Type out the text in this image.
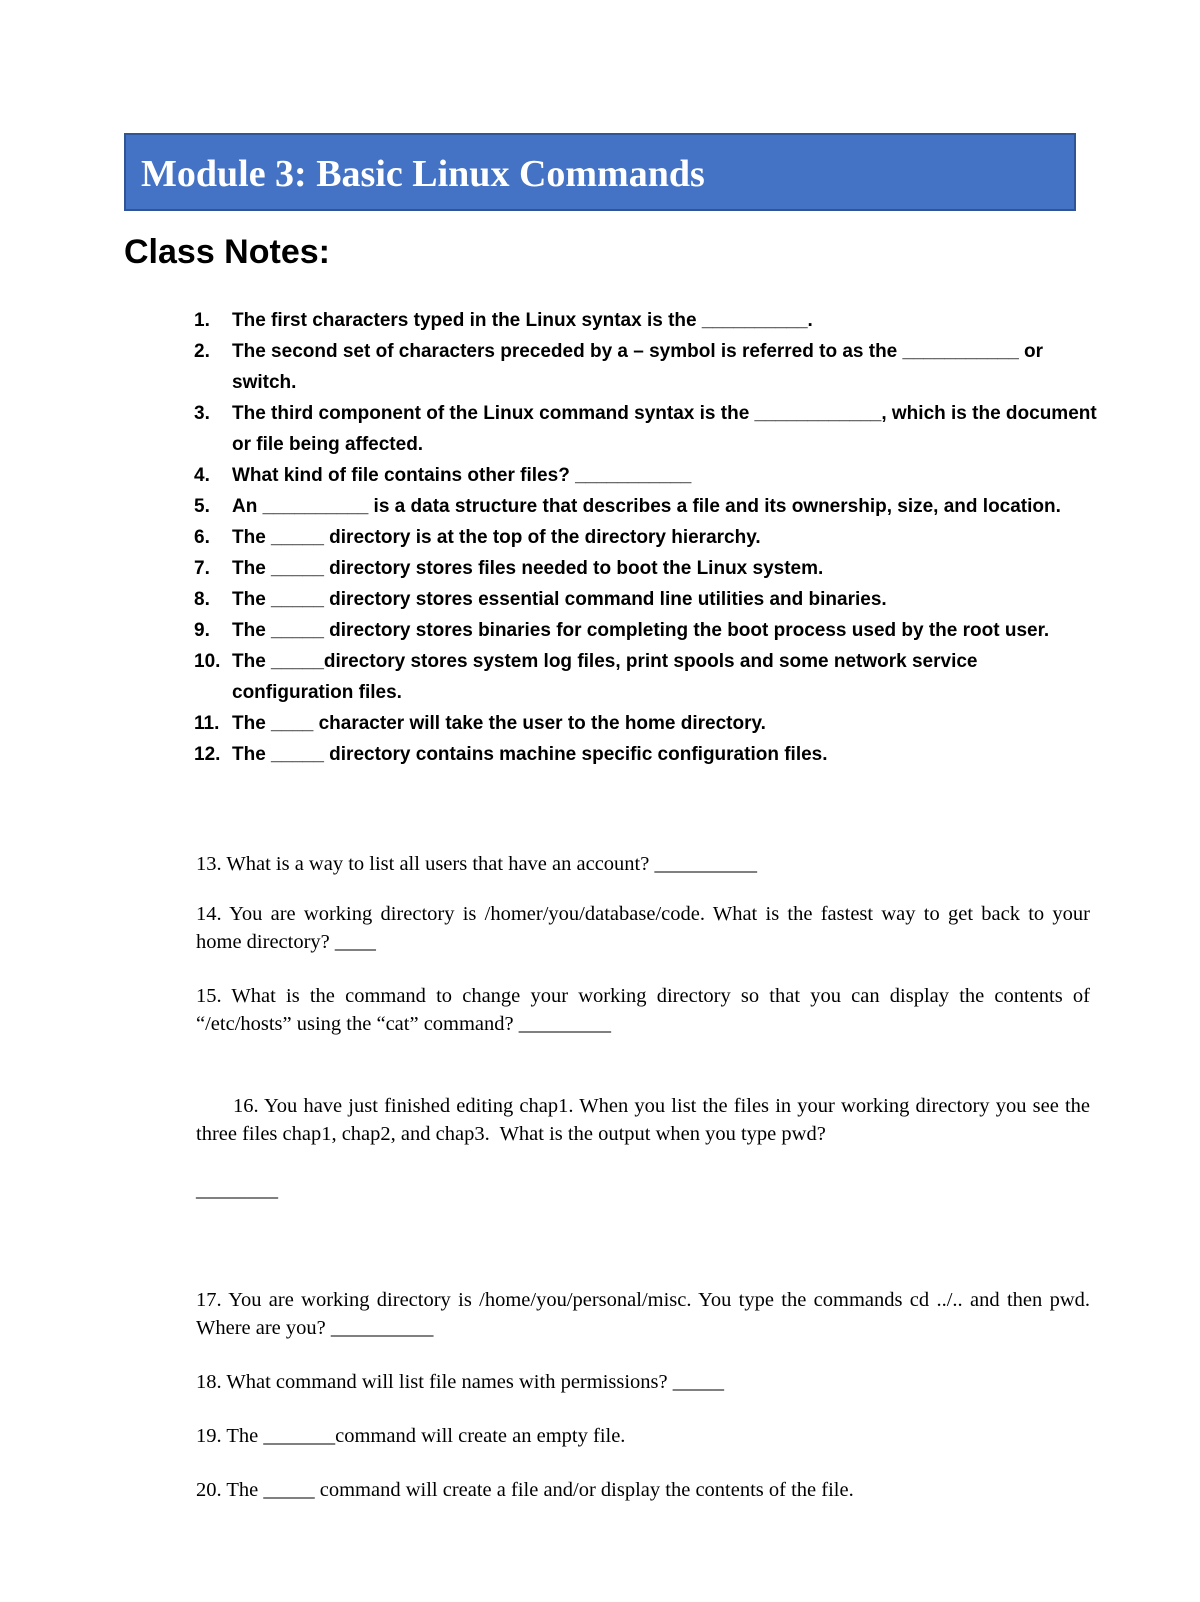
Module 3: Basic Linux Commands
Class Notes:
1. The first characters typed in the Linux syntax is the __________.
2. The second set of characters preceded by a – symbol is referred to as the ___________ or switch.
3. The third component of the Linux command syntax is the ____________, which is the document or file being affected.
4. What kind of file contains other files? ___________
5. An __________ is a data structure that describes a file and its ownership, size, and location.
6. The _____ directory is at the top of the directory hierarchy.
7. The _____ directory stores files needed to boot the Linux system.
8. The _____ directory stores essential command line utilities and binaries.
9. The _____ directory stores binaries for completing the boot process used by the root user.
10. The _____directory stores system log files, print spools and some network service configuration files.
11. The ____ character will take the user to the home directory.
12. The _____ directory contains machine specific configuration files.

13. What is a way to list all users that have an account? __________

14. You are working directory is /homer/you/database/code. What is the fastest way to get back to your home directory? ____

15. What is the command to change your working directory so that you can display the contents of “/etc/hosts” using the “cat” command? _________

16. You have just finished editing chap1. When you list the files in your working directory you see the three files chap1, chap2, and chap3.  What is the output when you type pwd?

________

17. You are working directory is /home/you/personal/misc. You type the commands cd ../.. and then pwd. Where are you? __________

18. What command will list file names with permissions? _____

19. The _______command will create an empty file.

20. The _____ command will create a file and/or display the contents of the file.
